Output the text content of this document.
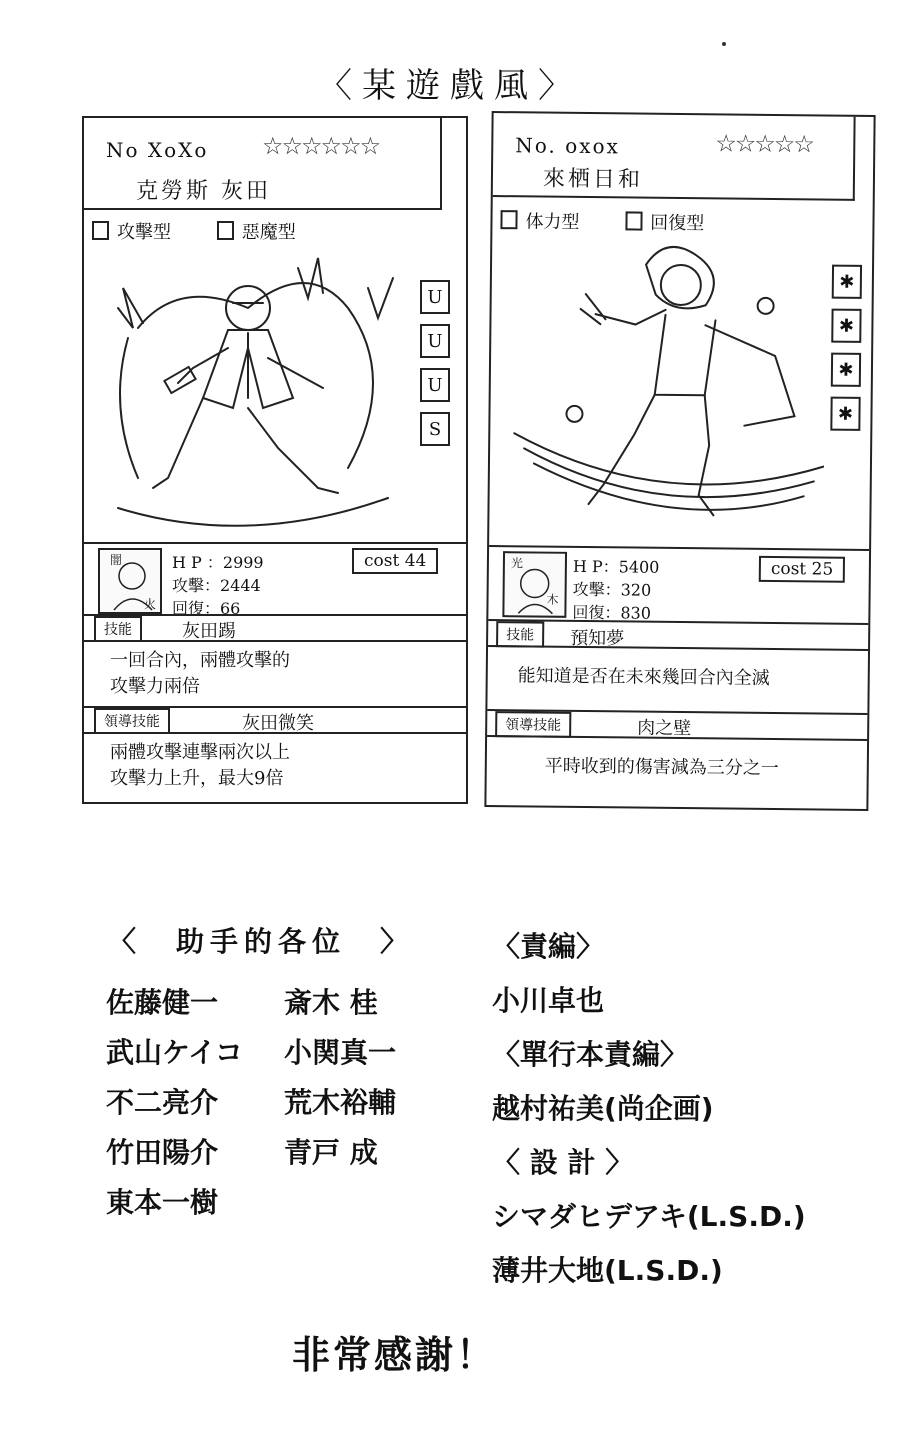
〈某遊戲風〉
No XoXo ☆☆☆☆☆☆
克勞斯 灰田
攻擊型	惡魔型
U
U
U
S
闇
火
H P ：2999
攻擊：2444
回復：66
cost 44
技能	灰田踢
一回合內，兩體攻擊的
攻擊力兩倍
領導技能	灰田微笑
兩體攻擊連擊兩次以上
攻擊力上升，最大9倍
No. oxox	☆☆☆☆☆
來栖日和
体力型	回復型
✱
✱
✱
✱
光
木
H P：5400
攻擊：320
回復：830
cost 25
技能	預知夢
能知道是否在未來幾回合內全滅
領導技能	肉之壁
平時收到的傷害減為三分之一
〈　助手的各位　〉
佐藤健一
武山ケイコ
不二亮介
竹田陽介
東本一樹
斎木 桂
小関真一
荒木裕輔
青戸 成
〈責編〉
小川卓也
〈單行本責編〉
越村祐美(尚企画)
〈 設 計 〉
シマダヒデアキ(L.S.D.)
薄井大地(L.S.D.)
非常感謝！
